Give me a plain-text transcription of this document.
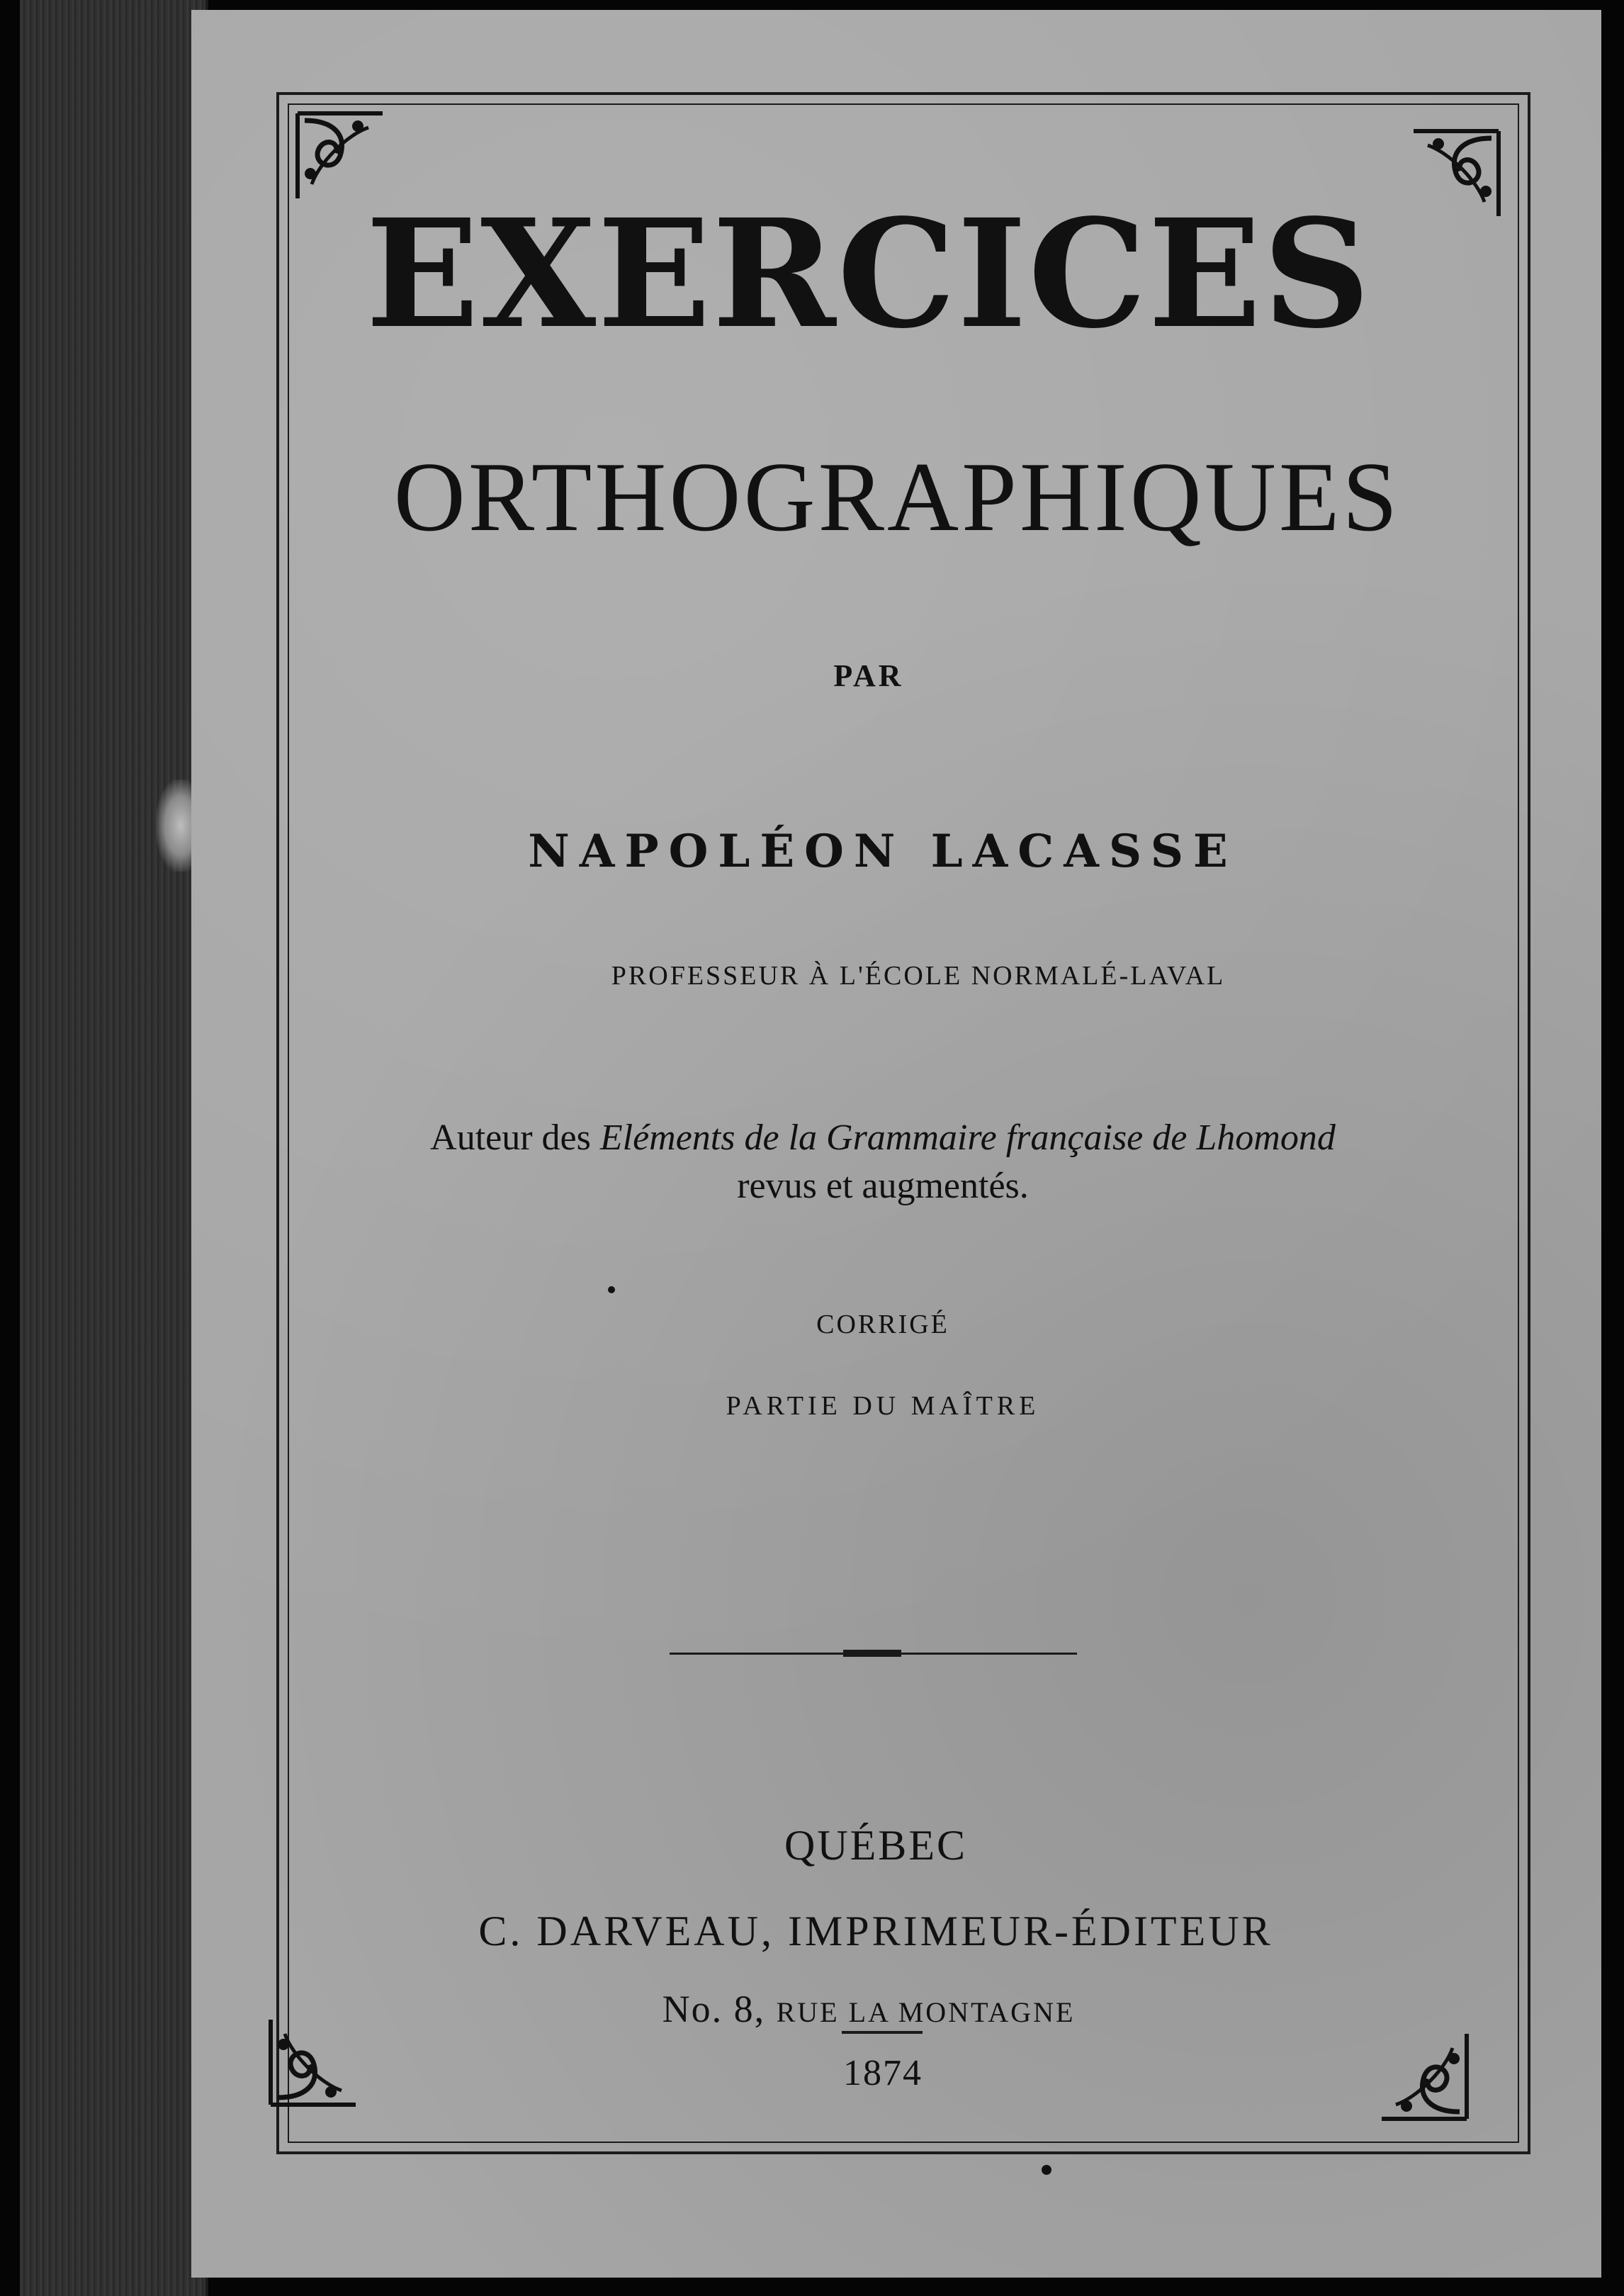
EXERCICES
ORTHOGRAPHIQUES
PAR
NAPOLÉON LACASSE
PROFESSEUR À L'ÉCOLE NORMALÉ-LAVAL
Auteur des Eléments de la Grammaire française de Lhomond
revus et augmentés.
CORRIGÉ
PARTIE DU MAÎTRE
QUÉBEC
C. DARVEAU, IMPRIMEUR-ÉDITEUR
No. 8, RUE LA MONTAGNE
1874
